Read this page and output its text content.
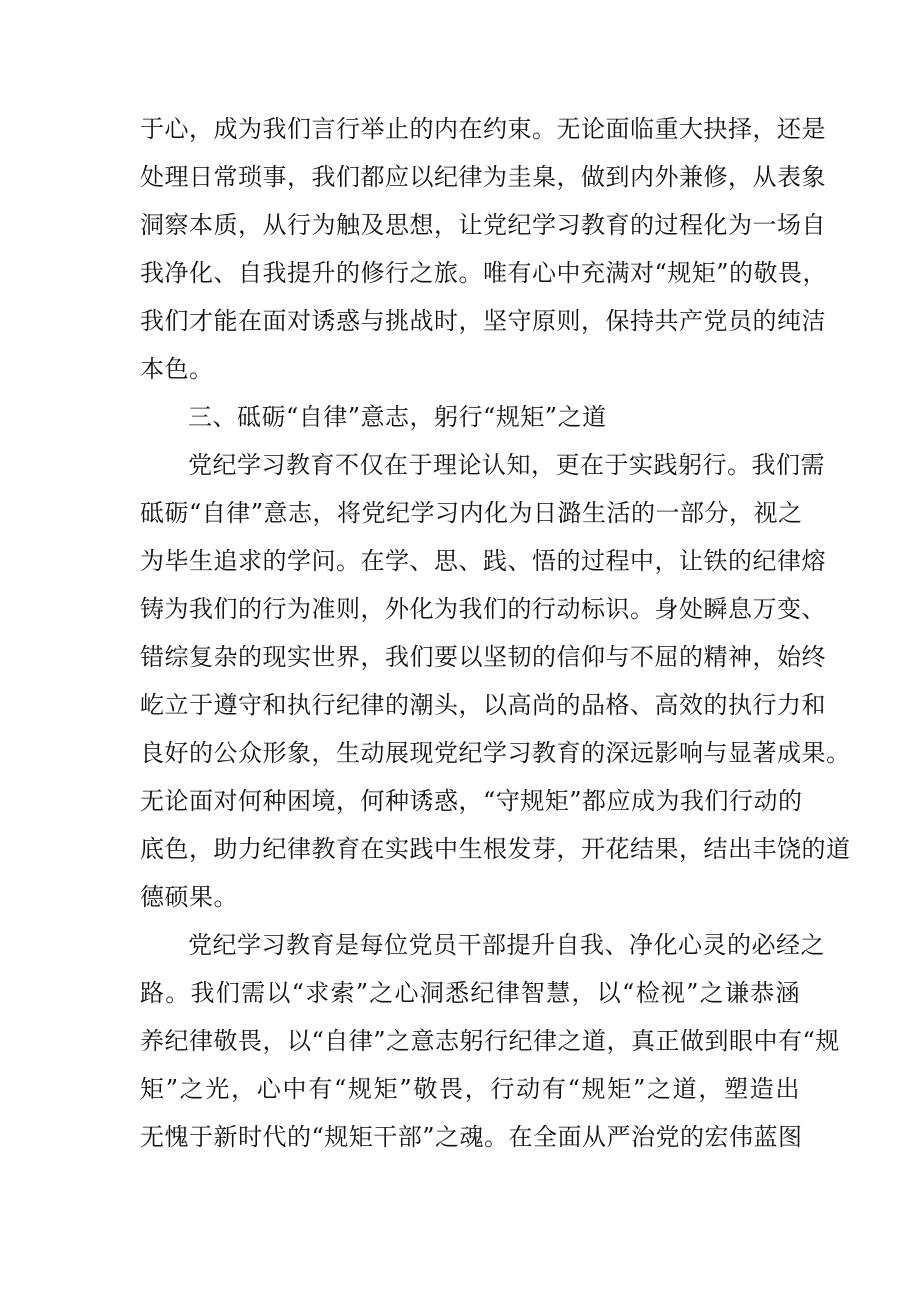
于心，成为我们言行举止的内在约束。无论面临重大抉择，还是
处理日常琐事，我们都应以纪律为圭臬，做到内外兼修，从表象
洞察本质，从行为触及思想，让党纪学习教育的过程化为一场自
我净化、自我提升的修行之旅。唯有心中充满对“规矩”的敬畏，
我们才能在面对诱惑与挑战时，坚守原则，保持共产党员的纯洁
本色。
三、砥砺“自律”意志，躬行“规矩”之道
党纪学习教育不仅在于理论认知，更在于实践躬行。我们需
砥砺“自律”意志，将党纪学习内化为日潞生活的一部分，视之
为毕生追求的学问。在学、思、践、悟的过程中，让铁的纪律熔
铸为我们的行为准则，外化为我们的行动标识。身处瞬息万变、
错综复杂的现实世界，我们要以坚韧的信仰与不屈的精神，始终
屹立于遵守和执行纪律的潮头，以高尚的品格、高效的执行力和
良好的公众形象，生动展现党纪学习教育的深远影响与显著成果。
无论面对何种困境，何种诱惑，“守规矩”都应成为我们行动的
底色，助力纪律教育在实践中生根发芽，开花结果，结出丰饶的道
德硕果。
党纪学习教育是每位党员干部提升自我、净化心灵的必经之
路。我们需以“求索”之心洞悉纪律智慧，以“检视”之谦恭涵
养纪律敬畏，以“自律”之意志躬行纪律之道，真正做到眼中有“规
矩”之光，心中有“规矩”敬畏，行动有“规矩”之道，塑造出
无愧于新时代的“规矩干部”之魂。在全面从严治党的宏伟蓝图
